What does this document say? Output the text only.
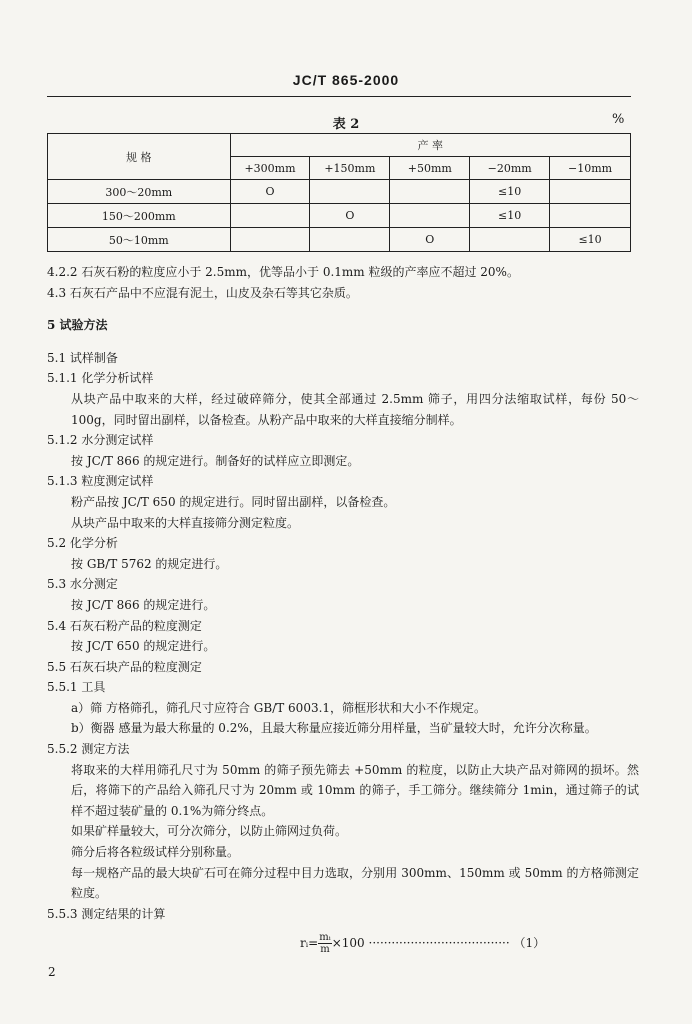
JC/T 865-2000
表 2	%
规 格	产 率				
	+300mm	+150mm	+50mm	−20mm	−10mm
300～20mm	O			≤10	
150～200mm		O		≤10	
50～10mm			O		≤10
4.2.2 石灰石粉的粒度应小于 2.5mm，优等品小于 0.1mm 粒级的产率应不超过 20%。
4.3 石灰石产品中不应混有泥土，山皮及杂石等其它杂质。
5 试验方法
5.1 试样制备
5.1.1 化学分析试样
从块产品中取来的大样，经过破碎筛分，使其全部通过 2.5mm 筛子，用四分法缩取试样，每份 50～100g，同时留出副样，以备检查。从粉产品中取来的大样直接缩分制样。
5.1.2 水分测定试样
按 JC/T 866 的规定进行。制备好的试样应立即测定。
5.1.3 粒度测定试样
粉产品按 JC/T 650 的规定进行。同时留出副样，以备检查。
从块产品中取来的大样直接筛分测定粒度。
5.2 化学分析
按 GB/T 5762 的规定进行。
5.3 水分测定
按 JC/T 866 的规定进行。
5.4 石灰石粉产品的粒度测定
按 JC/T 650 的规定进行。
5.5 石灰石块产品的粒度测定
5.5.1 工具
a）筛 方格筛孔，筛孔尺寸应符合 GB/T 6003.1，筛框形状和大小不作规定。
b）衡器 感量为最大称量的 0.2%，且最大称量应接近筛分用样量，当矿量较大时，允许分次称量。
5.5.2 测定方法
将取来的大样用筛孔尺寸为 50mm 的筛子预先筛去 +50mm 的粒度，以防止大块产品对筛网的损坏。然后，将筛下的产品给入筛孔尺寸为 20mm 或 10mm 的筛子，手工筛分。继续筛分 1min，通过筛子的试样不超过装矿量的 0.1%为筛分终点。
如果矿样量较大，可分次筛分，以防止筛网过负荷。
筛分后将各粒级试样分别称量。
每一规格产品的最大块矿石可在筛分过程中目力选取，分别用 300mm、150mm 或 50mm 的方格筛测定粒度。
5.5.3 测定结果的计算
rᵢ= $\frac{\text{mᵢ}}{m} \times 100$ ····································· （1）
2
